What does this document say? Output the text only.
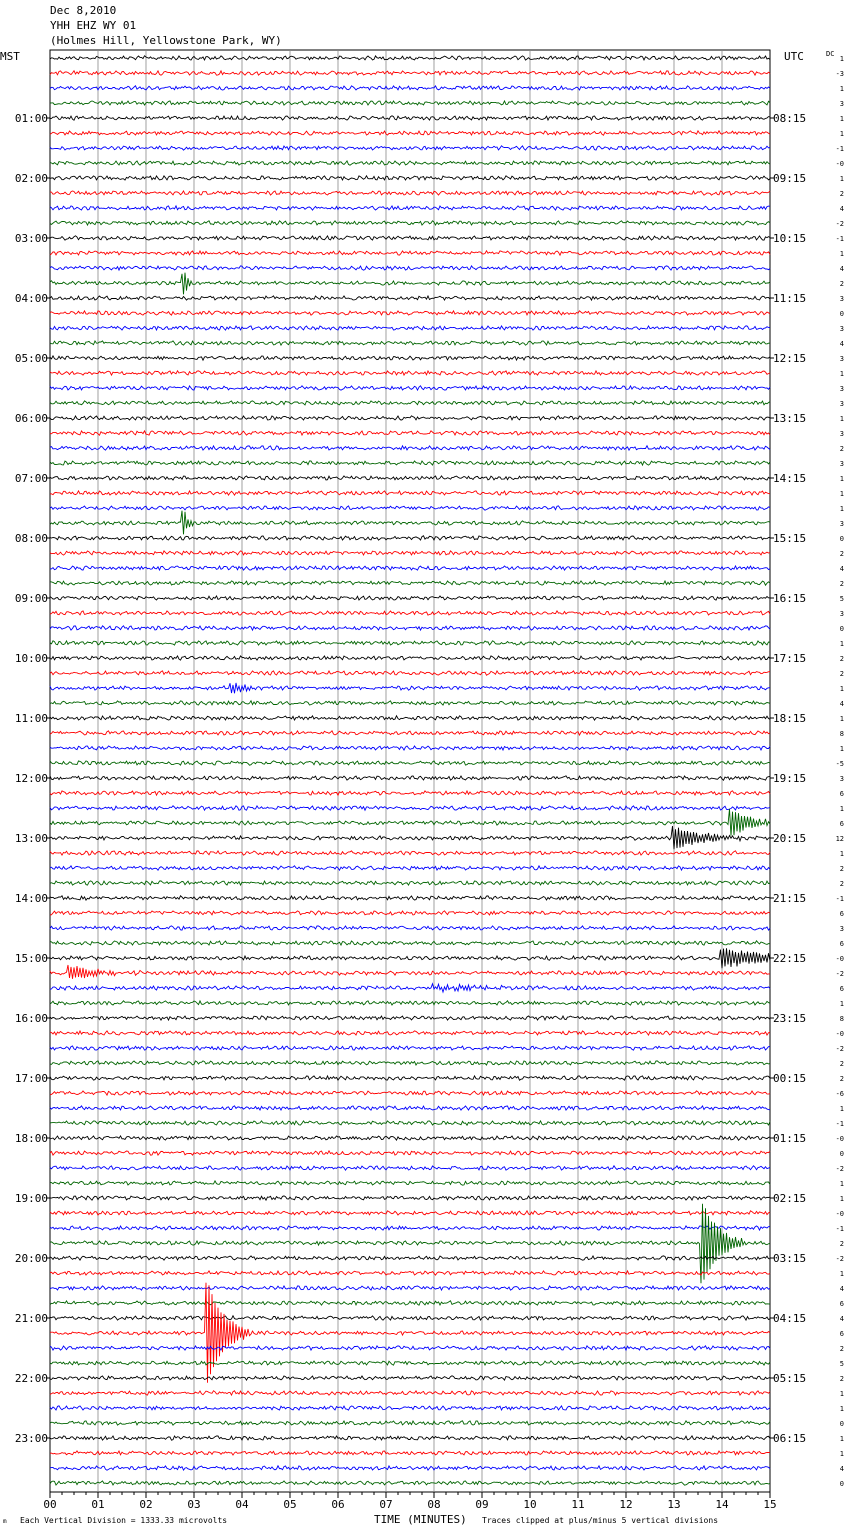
Dec 8,2010
YHH EHZ WY 01
(Holmes Hill, Yellowstone Park, WY)
MST	UTC	DC
00	01	02	03	04	05	06	07	08	09	10	11	12	13	14	15
1
-3
1
3
1
01:00	08:15
1
-1
-0
1
02:00	09:15
2
4
-2
-1
03:00	10:15
1
4
2
3
04:00	11:15
0
3
4
3
05:00	12:15
1
3
3
1
06:00	13:15
3
2
3
1
07:00	14:15
1
1
3
0
08:00	15:15
2
4
2
5
09:00	16:15
3
0
1
2
10:00	17:15
2
1
4
1
11:00	18:15
8
1
-5
3
12:00	19:15
6
1
6
12
13:00	20:15
1
2
2
-1
14:00	21:15
6
3
6
-0
15:00	22:15
-2
6
1
8
16:00	23:15
-0
-2
2
2
17:00	00:15
-6
1
-1
-0
18:00	01:15
0
-2
1
1
19:00	02:15
-0
-1
2
-2
20:00	03:15
1
4
6
4
21:00	04:15
6
2
5
2
22:00	05:15
1
1
0
1
23:00	06:15
1
4
0
m Each Vertical Division = 1333.33 microvolts	TIME (MINUTES) Traces clipped at plus/minus 5 vertical divisions
